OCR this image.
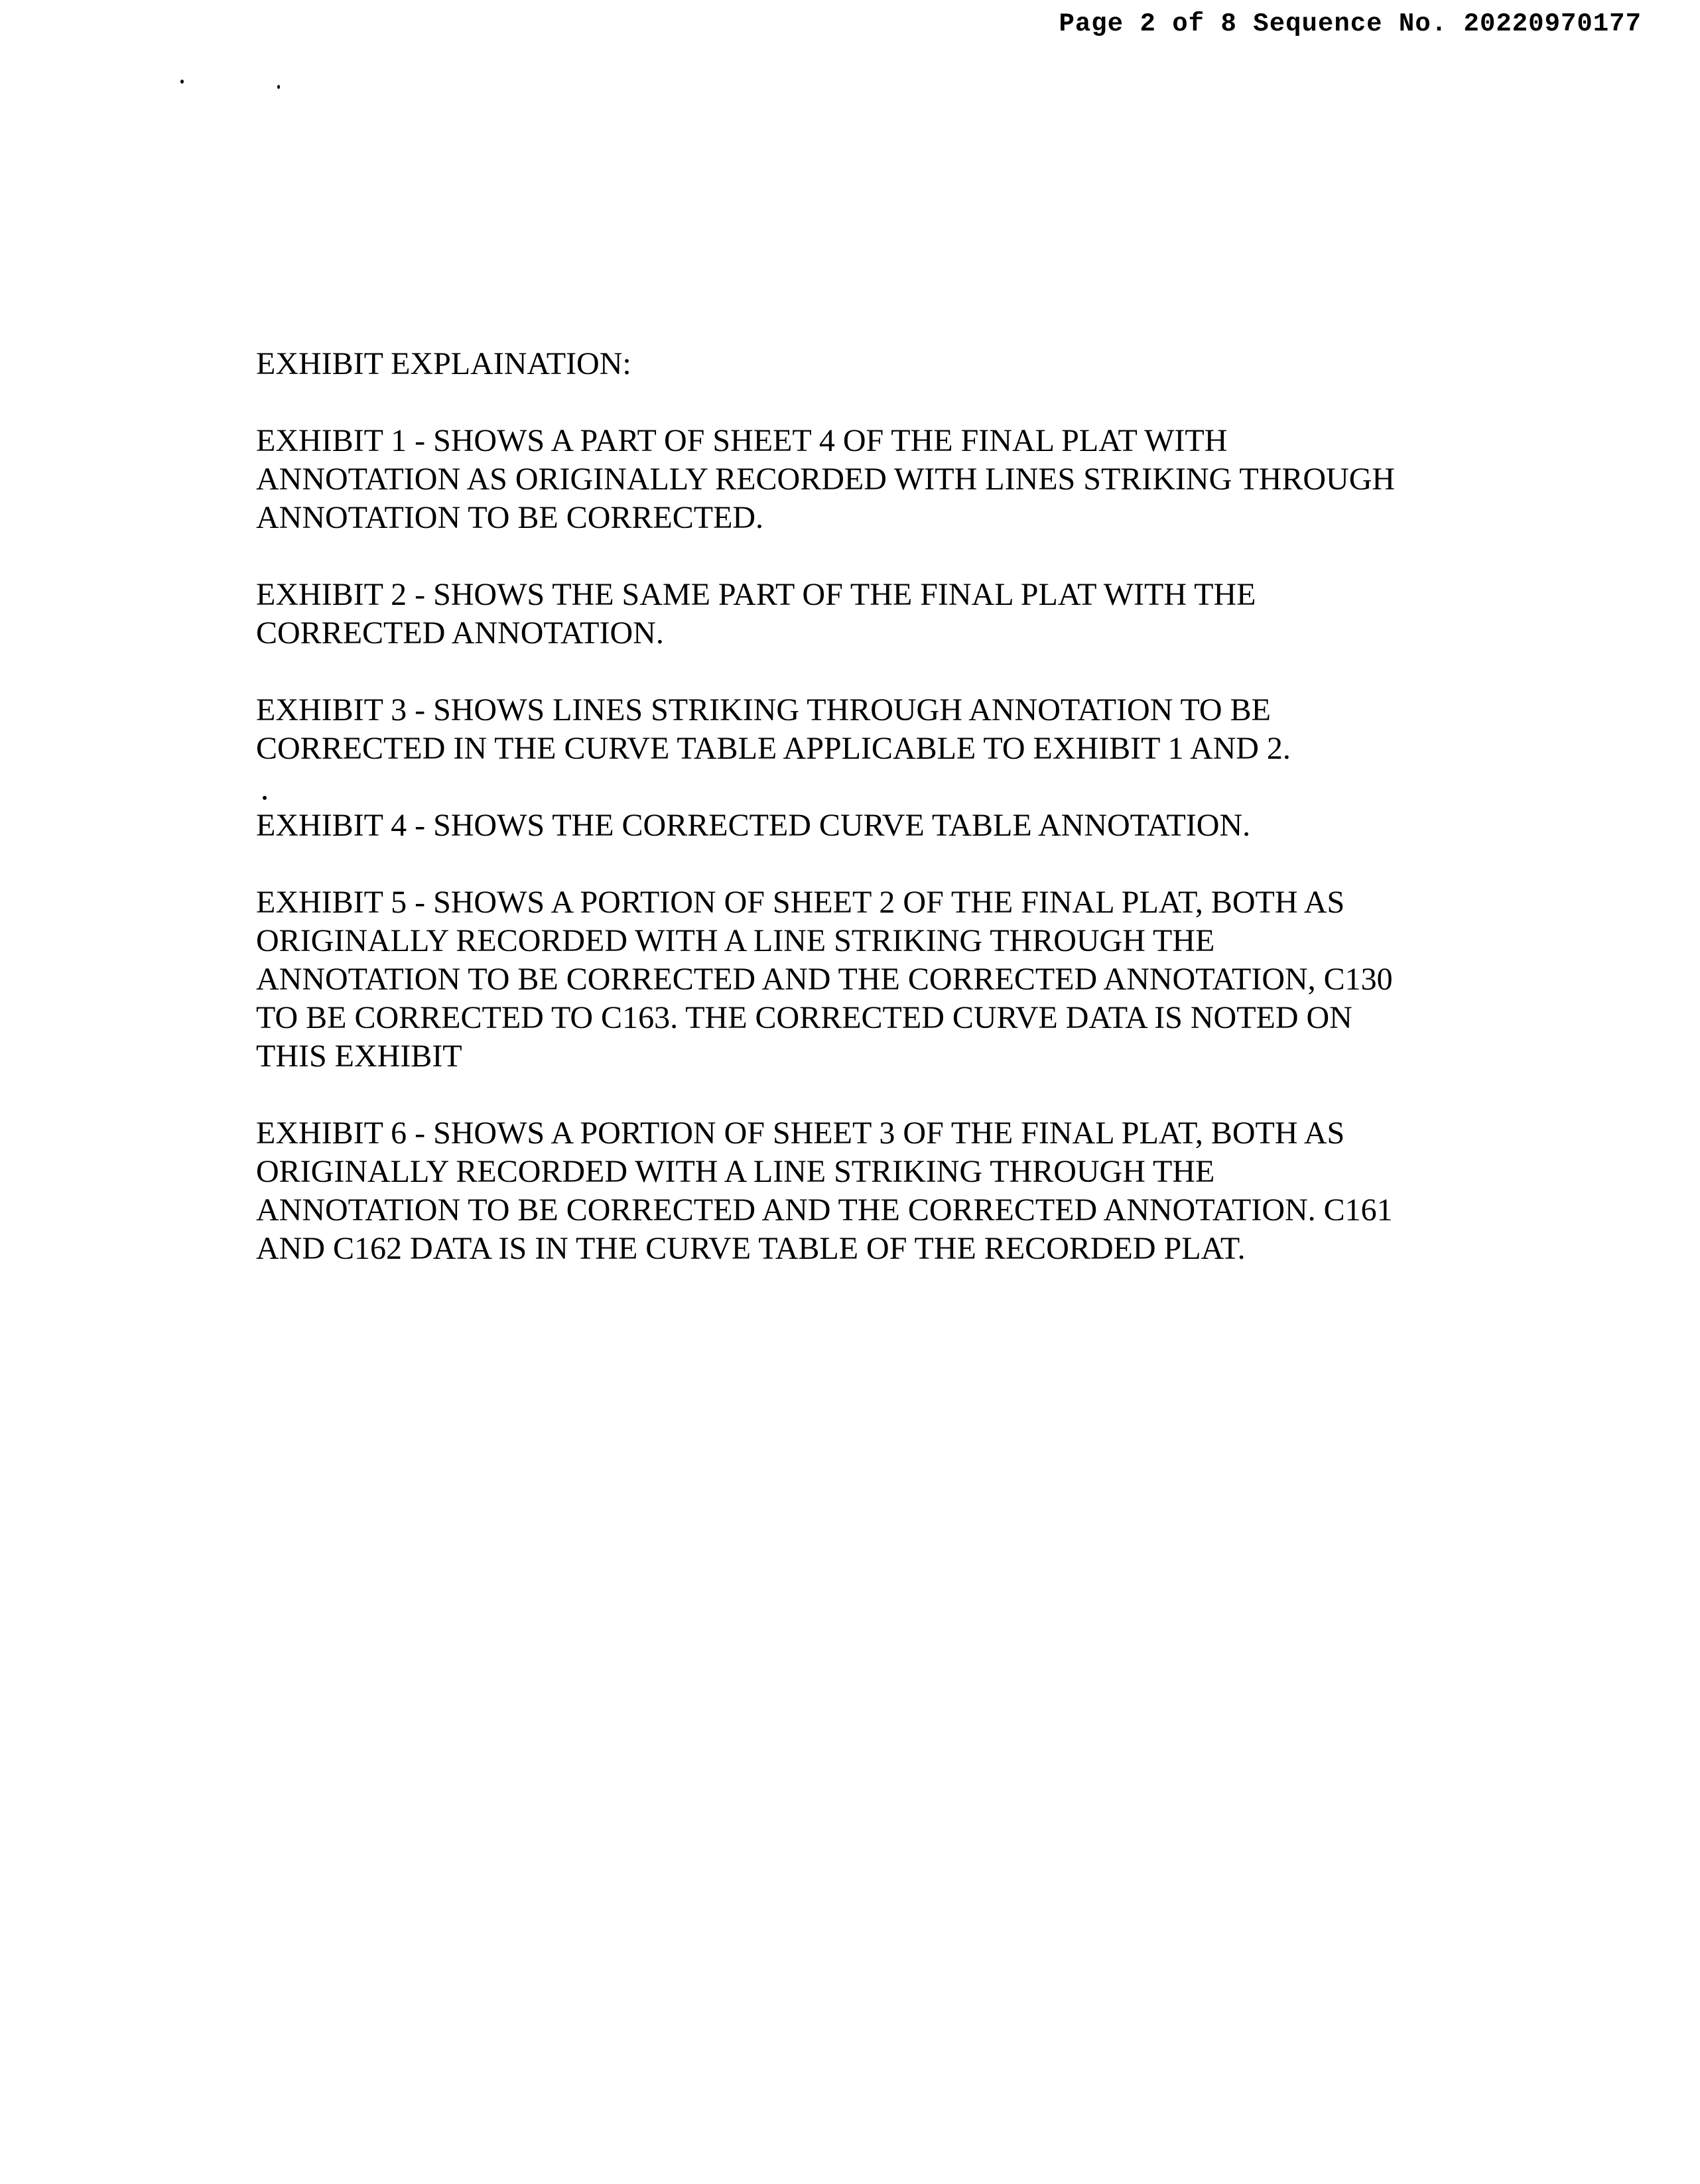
Page 2 of 8 Sequence No. 20220970177
EXHIBIT EXPLAINATION:
EXHIBIT 1 - SHOWS A PART OF SHEET 4 OF THE FINAL PLAT WITH
ANNOTATION AS ORIGINALLY RECORDED WITH LINES STRIKING THROUGH
ANNOTATION TO BE CORRECTED.
EXHIBIT 2 - SHOWS THE SAME PART OF THE FINAL PLAT WITH THE
CORRECTED ANNOTATION.
EXHIBIT 3 - SHOWS LINES STRIKING THROUGH ANNOTATION TO BE
CORRECTED IN THE CURVE TABLE APPLICABLE TO EXHIBIT 1 AND 2.
EXHIBIT 4 - SHOWS THE CORRECTED CURVE TABLE ANNOTATION.
EXHIBIT 5 - SHOWS A PORTION OF SHEET 2 OF THE FINAL PLAT, BOTH AS
ORIGINALLY RECORDED WITH A LINE STRIKING THROUGH THE
ANNOTATION TO BE CORRECTED AND THE CORRECTED ANNOTATION, C130
TO BE CORRECTED TO C163. THE CORRECTED CURVE DATA IS NOTED ON
THIS EXHIBIT
EXHIBIT 6 - SHOWS A PORTION OF SHEET 3 OF THE FINAL PLAT, BOTH AS
ORIGINALLY RECORDED WITH A LINE STRIKING THROUGH THE
ANNOTATION TO BE CORRECTED AND THE CORRECTED ANNOTATION. C161
AND C162 DATA IS IN THE CURVE TABLE OF THE RECORDED PLAT.
